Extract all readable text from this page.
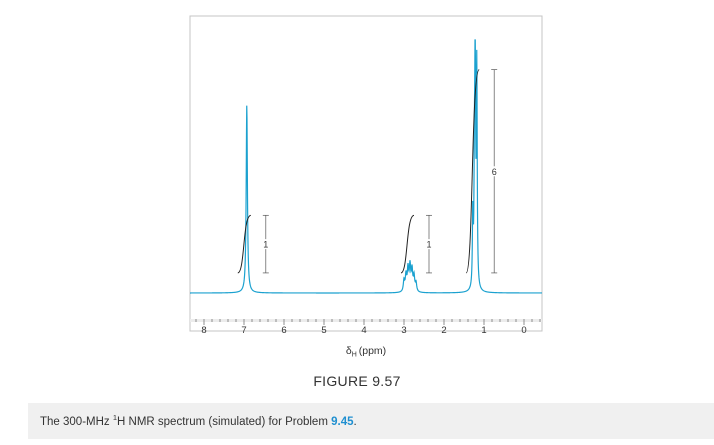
8	7	6	5	4	3	2	1	0
1	1
6
$\delta_H$ (ppm)
FIGURE 9.57
The 300-MHz $^1$H NMR spectrum (simulated) for Problem 9.45.
